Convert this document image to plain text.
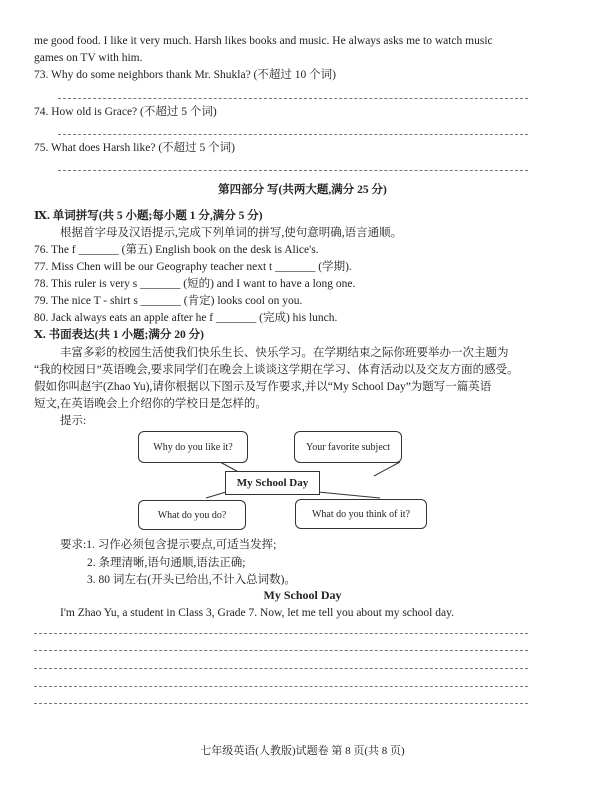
me good food. I like it very much. Harsh likes books and music. He always asks me to watch music
games on TV with him.
73. Why do some neighbors thank Mr. Shukla? (不超过 10 个词)
74. How old is Grace? (不超过 5 个词)
75. What does Harsh like? (不超过 5 个词)
第四部分 写(共两大题,满分 25 分)
Ⅸ. 单词拼写(共 5 小题;每小题 1 分,满分 5 分)
根据首字母及汉语提示,完成下列单词的拼写,使句意明确,语言通顺。
76. The f _______ (第五) English book on the desk is Alice's.
77. Miss Chen will be our Geography teacher next t _______ (学期).
78. This ruler is very s _______ (短的) and I want to have a long one.
79. The nice T - shirt s _______ (肯定) looks cool on you.
80. Jack always eats an apple after he f _______ (完成) his lunch.
Ⅹ. 书面表达(共 1 小题;满分 20 分)
丰富多彩的校园生活使我们快乐生长、快乐学习。在学期结束之际你班要举办一次主题为
“我的校园日”英语晚会,要求同学们在晚会上谈谈这学期在学习、体育活动以及交友方面的感受。
假如你叫赵宇(Zhao Yu),请你根据以下图示及写作要求,并以“My School Day”为题写一篇英语
短文,在英语晚会上介绍你的学校日是怎样的。
提示:
Why do you like it?	Your favorite subject
My School Day
What do you do?	What do you think of it?
要求:1. 习作必须包含提示要点,可适当发挥;
2. 条理清晰,语句通顺,语法正确;
3. 80 词左右(开头已给出,不计入总词数)。
My School Day
I'm Zhao Yu, a student in Class 3, Grade 7. Now, let me tell you about my school day.
七年级英语(人教版)试题卷 第 8 页(共 8 页)
